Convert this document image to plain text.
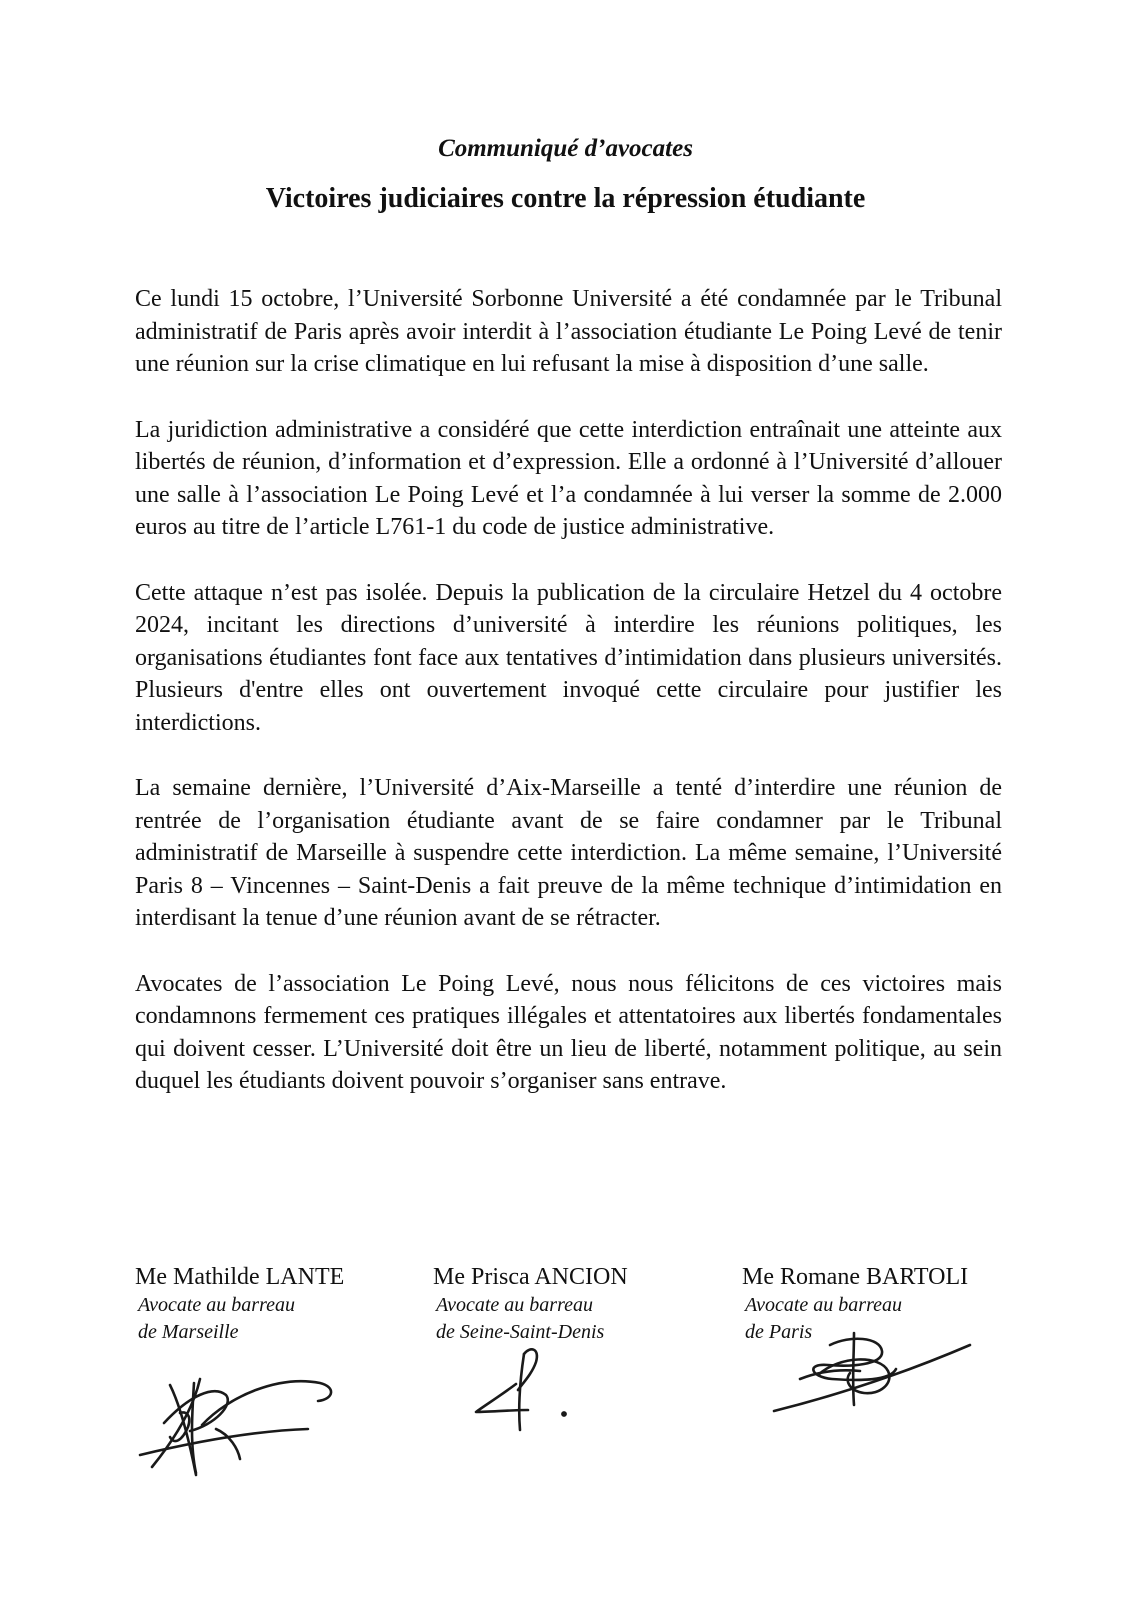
Communiqué d’avocates
Victoires judiciaires contre la répression étudiante

Ce lundi 15 octobre, l’Université Sorbonne Université a été condamnée par le Tribunal administratif de Paris après avoir interdit à l’association étudiante Le Poing Levé de tenir une réunion sur la crise climatique en lui refusant la mise à disposition d’une salle.

La juridiction administrative a considéré que cette interdiction entraînait une atteinte aux libertés de réunion, d’information et d’expression. Elle a ordonné à l’Université d’allouer une salle à l’association Le Poing Levé et l’a condamnée à lui verser la somme de 2.000 euros au titre de l’article L761-1 du code de justice administrative.

Cette attaque n’est pas isolée. Depuis la publication de la circulaire Hetzel du 4 octobre 2024, incitant les directions d’université à interdire les réunions politiques, les organisations étudiantes font face aux tentatives d’intimidation dans plusieurs universités. Plusieurs d'entre elles ont ouvertement invoqué cette circulaire pour justifier les interdictions.

La semaine dernière, l’Université d’Aix-Marseille a tenté d’interdire une réunion de rentrée de l’organisation étudiante avant de se faire condamner par le Tribunal administratif de Marseille à suspendre cette interdiction. La même semaine, l’Université Paris 8 – Vincennes – Saint-Denis a fait preuve de la même technique d’intimidation en interdisant la tenue d’une réunion avant de se rétracter.

Avocates de l’association Le Poing Levé, nous nous félicitons de ces victoires mais condamnons fermement ces pratiques illégales et attentatoires aux libertés fondamentales qui doivent cesser. L’Université doit être un lieu de liberté, notamment politique, au sein duquel les étudiants doivent pouvoir s’organiser sans entrave.

Me Mathilde LANTE
Avocate au barreau
de Marseille
Me Prisca ANCION
Avocate au barreau
de Seine-Saint-Denis
Me Romane BARTOLI
Avocate au barreau
de Paris
